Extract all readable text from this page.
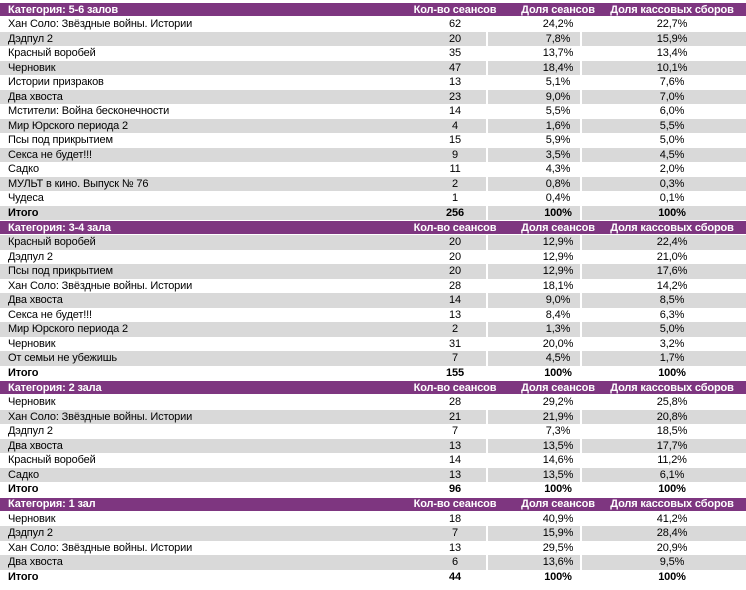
Категория: 5-6 залов	Кол-во сеансов	Доля сеансов	Доля кассовых сборов
Хан Соло: Звёздные войны. Истории	62	24,2%	22,7%
Дэдпул 2	20	7,8%	15,9%
Красный воробей	35	13,7%	13,4%
Черновик	47	18,4%	10,1%
Истории призраков	13	5,1%	7,6%
Два хвоста	23	9,0%	7,0%
Мстители: Война бесконечности	14	5,5%	6,0%
Мир Юрского периода 2	4	1,6%	5,5%
Псы под прикрытием	15	5,9%	5,0%
Секса не будет!!!	9	3,5%	4,5%
Садко	11	4,3%	2,0%
МУЛЬТ в кино. Выпуск № 76	2	0,8%	0,3%
Чудеса	1	0,4%	0,1%
Итого	256	100%	100%
Категория: 3-4 зала	Кол-во сеансов	Доля сеансов	Доля кассовых сборов
Красный воробей	20	12,9%	22,4%
Дэдпул 2	20	12,9%	21,0%
Псы под прикрытием	20	12,9%	17,6%
Хан Соло: Звёздные войны. Истории	28	18,1%	14,2%
Два хвоста	14	9,0%	8,5%
Секса не будет!!!	13	8,4%	6,3%
Мир Юрского периода 2	2	1,3%	5,0%
Черновик	31	20,0%	3,2%
От семьи не убежишь	7	4,5%	1,7%
Итого	155	100%	100%
Категория: 2 зала	Кол-во сеансов	Доля сеансов	Доля кассовых сборов
Черновик	28	29,2%	25,8%
Хан Соло: Звёздные войны. Истории	21	21,9%	20,8%
Дэдпул 2	7	7,3%	18,5%
Два хвоста	13	13,5%	17,7%
Красный воробей	14	14,6%	11,2%
Садко	13	13,5%	6,1%
Итого	96	100%	100%
Категория: 1 зал	Кол-во сеансов	Доля сеансов	Доля кассовых сборов
Черновик	18	40,9%	41,2%
Дэдпул 2	7	15,9%	28,4%
Хан Соло: Звёздные войны. Истории	13	29,5%	20,9%
Два хвоста	6	13,6%	9,5%
Итого	44	100%	100%
